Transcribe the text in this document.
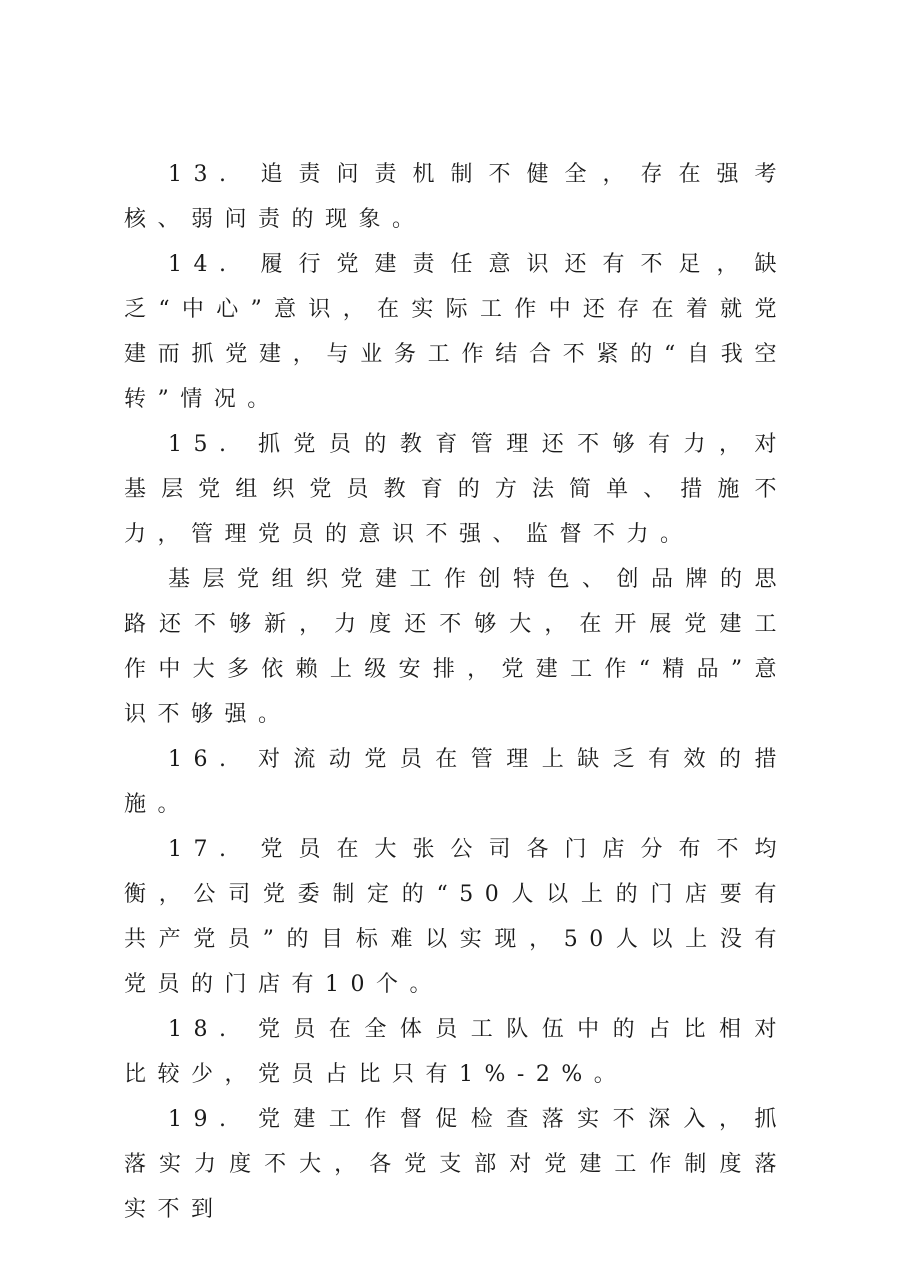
13. 追责问责机制不健全，存在强考核、弱问责的现象。

14. 履行党建责任意识还有不足，缺乏“中心”意识，在实际工作中还存在着就党建而抓党建，与业务工作结合不紧的“自我空转”情况。

15. 抓党员的教育管理还不够有力，对基层党组织党员教育的方法简单、措施不力，管理党员的意识不强、监督不力。

基层党组织党建工作创特色、创品牌的思路还不够新，力度还不够大，在开展党建工作中大多依赖上级安排，党建工作“精品”意识不够强。

16. 对流动党员在管理上缺乏有效的措施。

17. 党员在大张公司各门店分布不均衡，公司党委制定的“50人以上的门店要有共产党员”的目标难以实现，50人以上没有党员的门店有10个。

18. 党员在全体员工队伍中的占比相对比较少，党员占比只有1%-2%。

19. 党建工作督促检查落实不深入，抓落实力度不大，各党支部对党建工作制度落实不到
